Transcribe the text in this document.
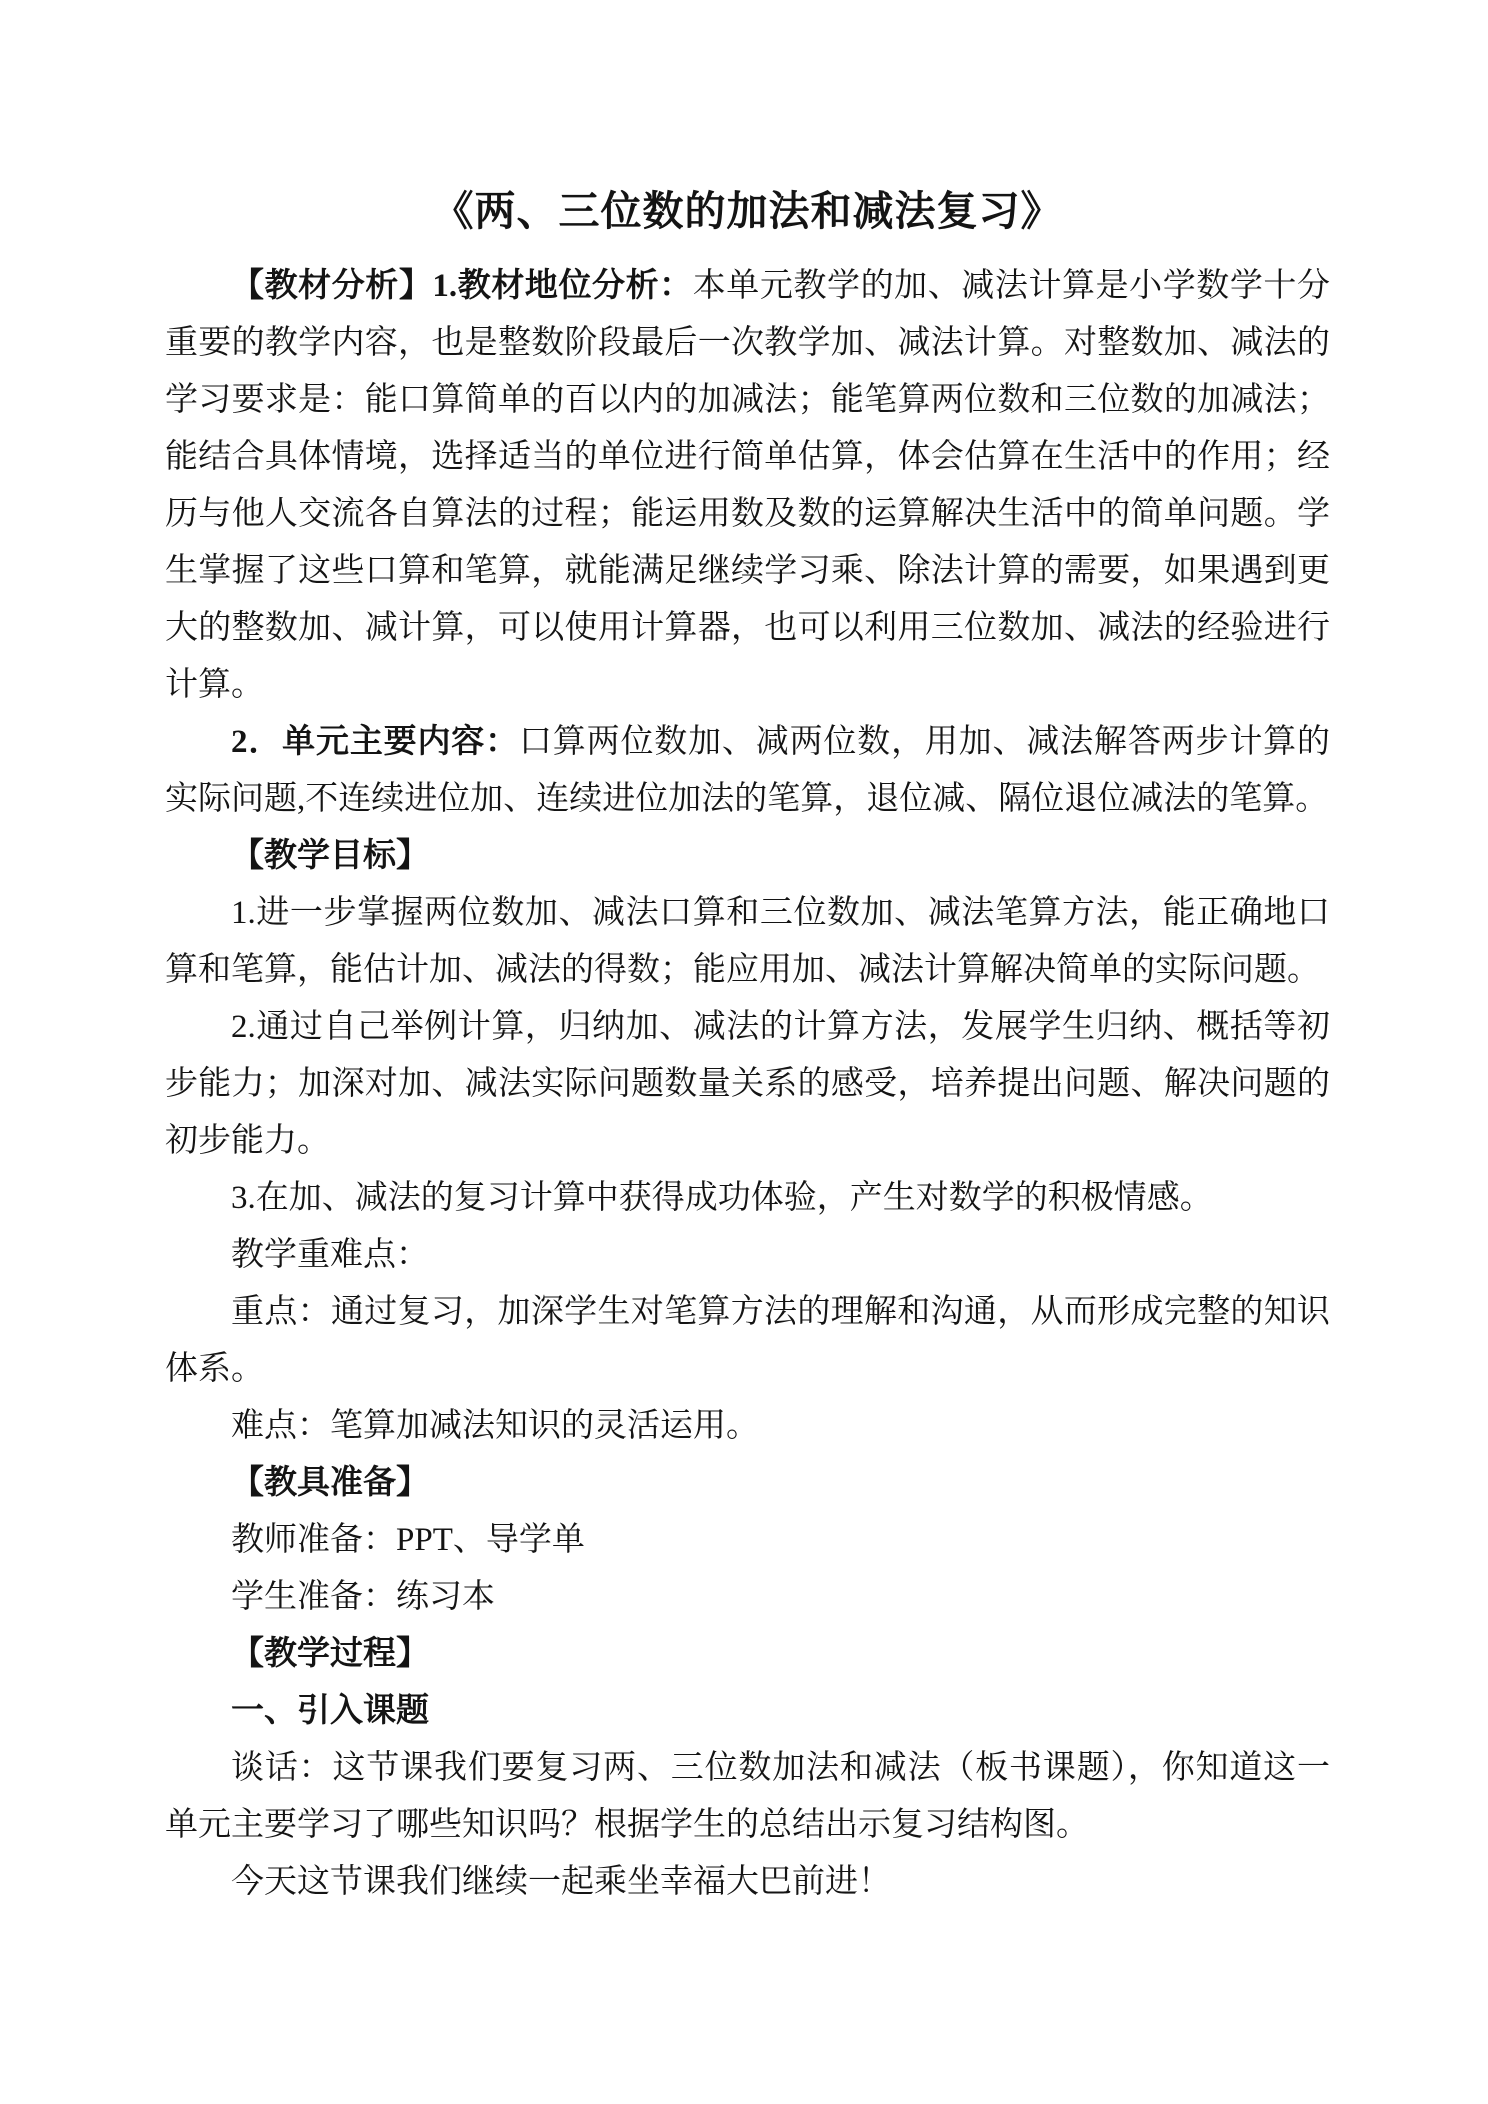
《两、三位数的加法和减法复习》

【教材分析】1.教材地位分析：本单元教学的加、减法计算是小学数学十分重要的教学内容，也是整数阶段最后一次教学加、减法计算。对整数加、减法的学习要求是：能口算简单的百以内的加减法；能笔算两位数和三位数的加减法；能结合具体情境，选择适当的单位进行简单估算，体会估算在生活中的作用；经历与他人交流各自算法的过程；能运用数及数的运算解决生活中的简单问题。学生掌握了这些口算和笔算，就能满足继续学习乘、除法计算的需要，如果遇到更大的整数加、减计算，可以使用计算器，也可以利用三位数加、减法的经验进行计算。

2．单元主要内容：口算两位数加、减两位数，用加、减法解答两步计算的实际问题,不连续进位加、连续进位加法的笔算，退位减、隔位退位减法的笔算。

【教学目标】

1.进一步掌握两位数加、减法口算和三位数加、减法笔算方法，能正确地口算和笔算，能估计加、减法的得数；能应用加、减法计算解决简单的实际问题。

2.通过自己举例计算，归纳加、减法的计算方法，发展学生归纳、概括等初步能力；加深对加、减法实际问题数量关系的感受，培养提出问题、解决问题的初步能力。

3.在加、减法的复习计算中获得成功体验，产生对数学的积极情感。

教学重难点：

重点：通过复习，加深学生对笔算方法的理解和沟通，从而形成完整的知识体系。

难点：笔算加减法知识的灵活运用。

【教具准备】

教师准备：PPT、导学单

学生准备：练习本

【教学过程】

一、引入课题

谈话：这节课我们要复习两、三位数加法和减法（板书课题），你知道这一单元主要学习了哪些知识吗？根据学生的总结出示复习结构图。

今天这节课我们继续一起乘坐幸福大巴前进！
